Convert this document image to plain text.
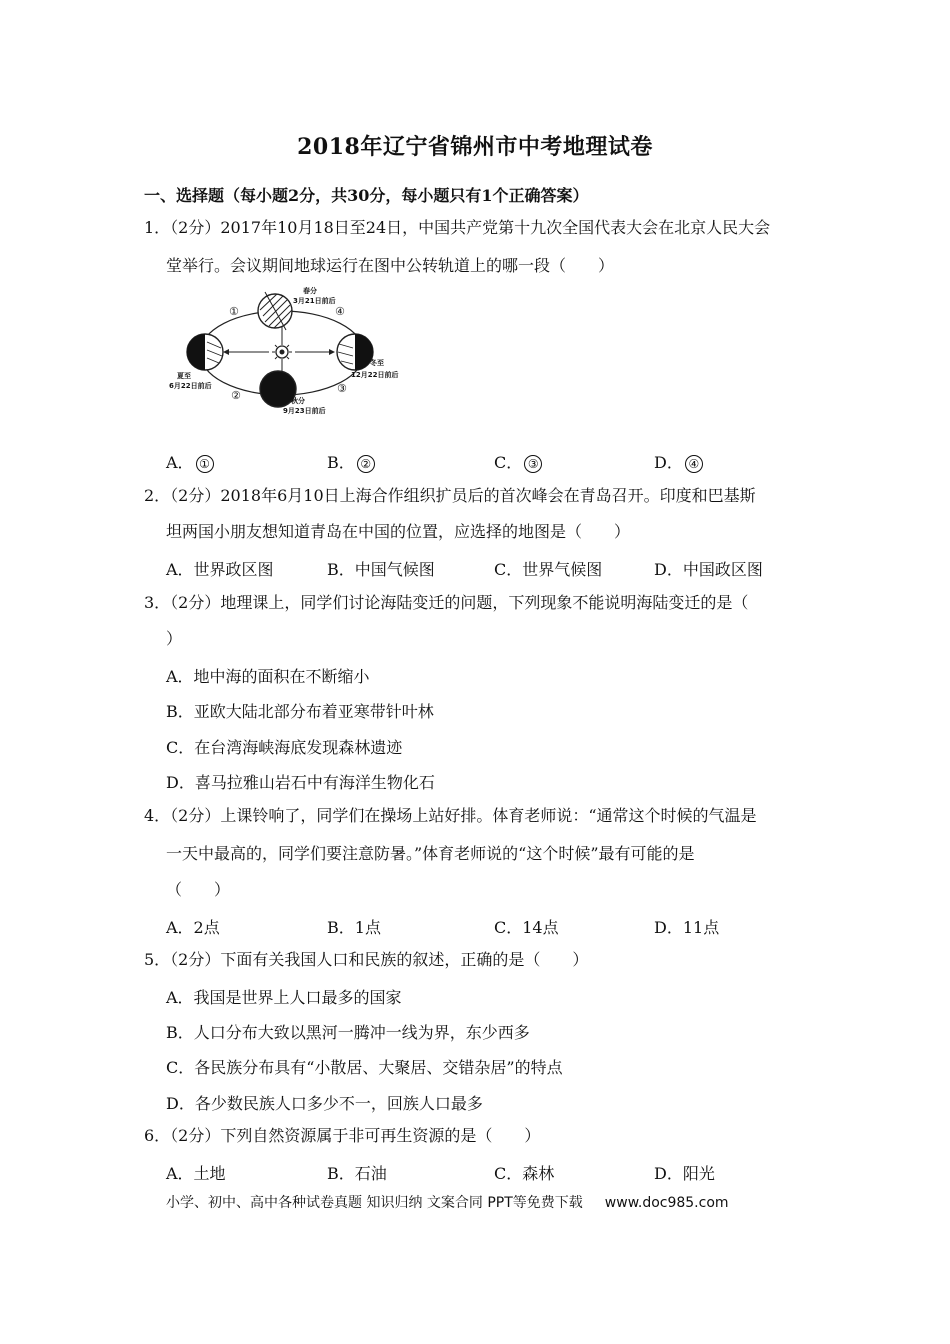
2018年辽宁省锦州市中考地理试卷
一、选择题（每小题2分，共30分，每小题只有1个正确答案）
1．（2分）2017年10月18日至24日，中国共产党第十九次全国代表大会在北京人民大会
堂举行。会议期间地球运行在图中公转轨道上的哪一段（　　）
①
②
③
④
春分
3月21日前后
夏至
6月22日前后
秋分
9月23日前后
冬至
12月22日前后
A． ①	B． ②	C． ③	D． ④
2．（2分）2018年6月10日上海合作组织扩员后的首次峰会在青岛召开。印度和巴基斯
坦两国小朋友想知道青岛在中国的位置，应选择的地图是（　　）
A．世界政区图	B．中国气候图	C．世界气候图	D．中国政区图
3．（2分）地理课上，同学们讨论海陆变迁的问题，下列现象不能说明海陆变迁的是（
）
A．地中海的面积在不断缩小
B．亚欧大陆北部分布着亚寒带针叶林
C．在台湾海峡海底发现森林遗迹
D．喜马拉雅山岩石中有海洋生物化石
4．（2分）上课铃响了，同学们在操场上站好排。体育老师说：“通常这个时候的气温是
一天中最高的，同学们要注意防暑。”体育老师说的“这个时候”最有可能的是
（　　）
A．2点	B．1点	C．14点	D．11点
5．（2分）下面有关我国人口和民族的叙述，正确的是（　　）
A．我国是世界上人口最多的国家
B．人口分布大致以黑河一腾冲一线为界，东少西多
C．各民族分布具有“小散居、大聚居、交错杂居”的特点
D．各少数民族人口多少不一，回族人口最多
6．（2分）下列自然资源属于非可再生资源的是（　　）
A．土地	B．石油	C．森林	D．阳光
小学、初中、高中各种试卷真题 知识归纳 文案合同 PPT等免费下载 www.doc985.com
